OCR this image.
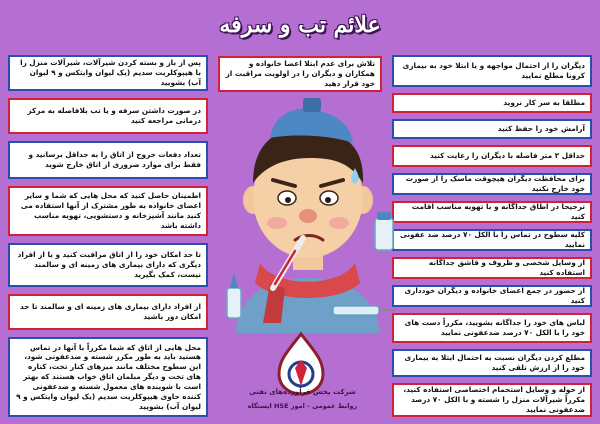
علائم تب و سرفه
تلاش برای عدم ابتلا اعضا خانواده و همکاران و دیگران را در اولویت مراقبت از خود قرار دهید
پس از باز و بسته کردن شیرآلات، شیرآلات منزل را با هیپوکلریت سدیم (یک لیوان وایتکس و ۹ لیوان آب) بشویید
در صورت داشتن سرفه و یا تب بلافاصله به مرکز درمانی مراجعه کنید
تعداد دفعات خروج از اتاق را به حداقل برسانید و فقط برای موارد ضروری از اتاق خارج شوید
اطمینان حاصل کنید که محل هایی که شما و سایر اعضای خانواده به طور مشترک از آنها استفاده می کنید مانند آشپزخانه و دستشویی، تهویه مناسب داشته باشد
تا حد امکان خود را از اتاق مراقبت کنید و یا از افراد دیگری که دارای بیماری های زمینه ای و سالمند نیست، کمک بگیرید
از افراد دارای بیماری های زمینه ای و سالمند تا حد امکان دور باشید
محل هایی از اتاق که شما مکرراً با آنها در تماس هستید باید به طور مکرر شسته و ضدعفونی شود، این سطوح مختلف مانند میزهای کنار تخت، کناره های تخت و دیگر مبلمان اتاق خواب هستند که بهتر است با شوینده های معمول شسته و ضدعفونی کننده حاوی هیپوکلریت سدیم (یک لیوان وایتکس و ۹ لیوان آب) بشویید
دیگران را از احتمال مواجهه و یا ابتلا خود به بیماری کرونا مطلع نمایید
مطلقا به سر کار نروید
آرامش خود را حفظ کنید
حداقل ۲ متر فاصله با دیگران را رعایت کنید
برای محافظت دیگران هیچوقت ماسک را از صورت خود خارج نکنید
ترجیحاً در اطاق جداگانه و با تهویه مناسب اقامت کنید
کلیه سطوح در تماس را با الکل ۷۰ درصد ضد عفونی نمایید
از وسایل شخصی و ظروف و قاشق جداگانه استفاده کنید
از حضور در جمع اعضای خانواده و دیگران خودداری کنید
لباس های خود را جداگانه بشویید، مکرراً دست های خود را با الکل ۷۰ درصد ضدعفونی نمایید
مطلع کردن دیگران نسبت به احتمال ابتلا به بیماری خود را از ارزش تلقی کنید
از حوله و وسایل استحمام اختصاصی استفاده کنید، مکرراً شیرآلات منزل را شسته و با الکل ۷۰ درصد ضدعفونی نمایید
شرکت پخش فرآورده‌های نفتی
روابط عمومی - امور HSE ایستگاه
